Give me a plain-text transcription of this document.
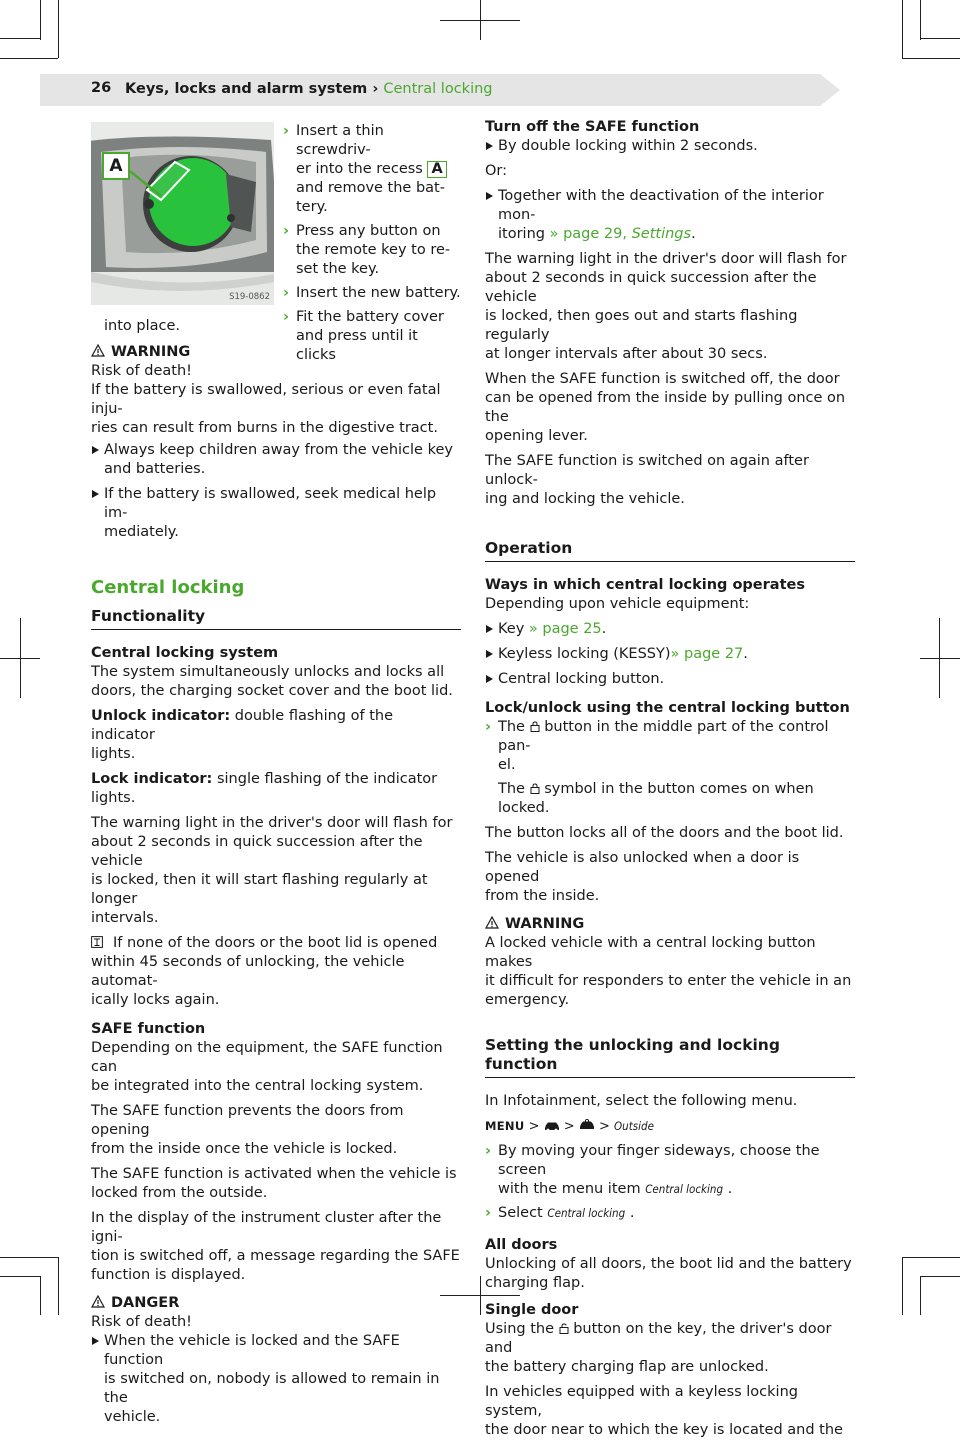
26 Keys, locks and alarm system › Central locking
A
S19-0862
› Insert a thin screwdriv-
er into the recess A
and remove the bat-
tery.
› Press any button on
the remote key to re-
set the key.
› Insert the new battery.
› Fit the battery cover
and press until it clicks

into place.

WARNING
Risk of death!
If the battery is swallowed, serious or even fatal inju-
ries can result from burns in the digestive tract.
Always keep children away from the vehicle key
and batteries.
If the battery is swallowed, seek medical help im-
mediately.
Central locking
Functionality
Central locking system

The system simultaneously unlocks and locks all
doors, the charging socket cover and the boot lid.

Unlock indicator: double flashing of the indicator
lights.

Lock indicator: single flashing of the indicator lights.

The warning light in the driver's door will flash for
about 2 seconds in quick succession after the vehicle
is locked, then it will start flashing regularly at longer
intervals.

If none of the doors or the boot lid is opened
within 45 seconds of unlocking, the vehicle automat-
ically locks again.

SAFE function

Depending on the equipment, the SAFE function can
be integrated into the central locking system.

The SAFE function prevents the doors from opening
from the inside once the vehicle is locked.

The SAFE function is activated when the vehicle is
locked from the outside.

In the display of the instrument cluster after the igni-
tion is switched off, a message regarding the SAFE
function is displayed.

DANGER
Risk of death!
When the vehicle is locked and the SAFE function
is switched on, nobody is allowed to remain in the
vehicle.
Turn off the SAFE function
By double locking within 2 seconds.

Or:

Together with the deactivation of the interior mon-
itoring » page 29, Settings.

The warning light in the driver's door will flash for
about 2 seconds in quick succession after the vehicle
is locked, then goes out and starts flashing regularly
at longer intervals after about 30 secs.

When the SAFE function is switched off, the door
can be opened from the inside by pulling once on the
opening lever.

The SAFE function is switched on again after unlock-
ing and locking the vehicle.

Operation
Ways in which central locking operates

Depending upon vehicle equipment:

Key » page 25.
Keyless locking (KESSY)» page 27.
Central locking button.
Lock/unlock using the central locking button
› The button in the middle part of the control pan-
el.

The symbol in the button comes on when locked.

The button locks all of the doors and the boot lid.

The vehicle is also unlocked when a door is opened
from the inside.

WARNING
A locked vehicle with a central locking button makes
it difficult for responders to enter the vehicle in an
emergency.
Setting the unlocking and locking function

In Infotainment, select the following menu.

MENU > > > Outside

› By moving your finger sideways, choose the screen
with the menu item Central locking .
› Select Central locking .
All doors

Unlocking of all doors, the boot lid and the battery
charging flap.

Single door

Using the button on the key, the driver's door and
the battery charging flap are unlocked.

In vehicles equipped with a keyless locking system,
the door near to which the key is located and the
